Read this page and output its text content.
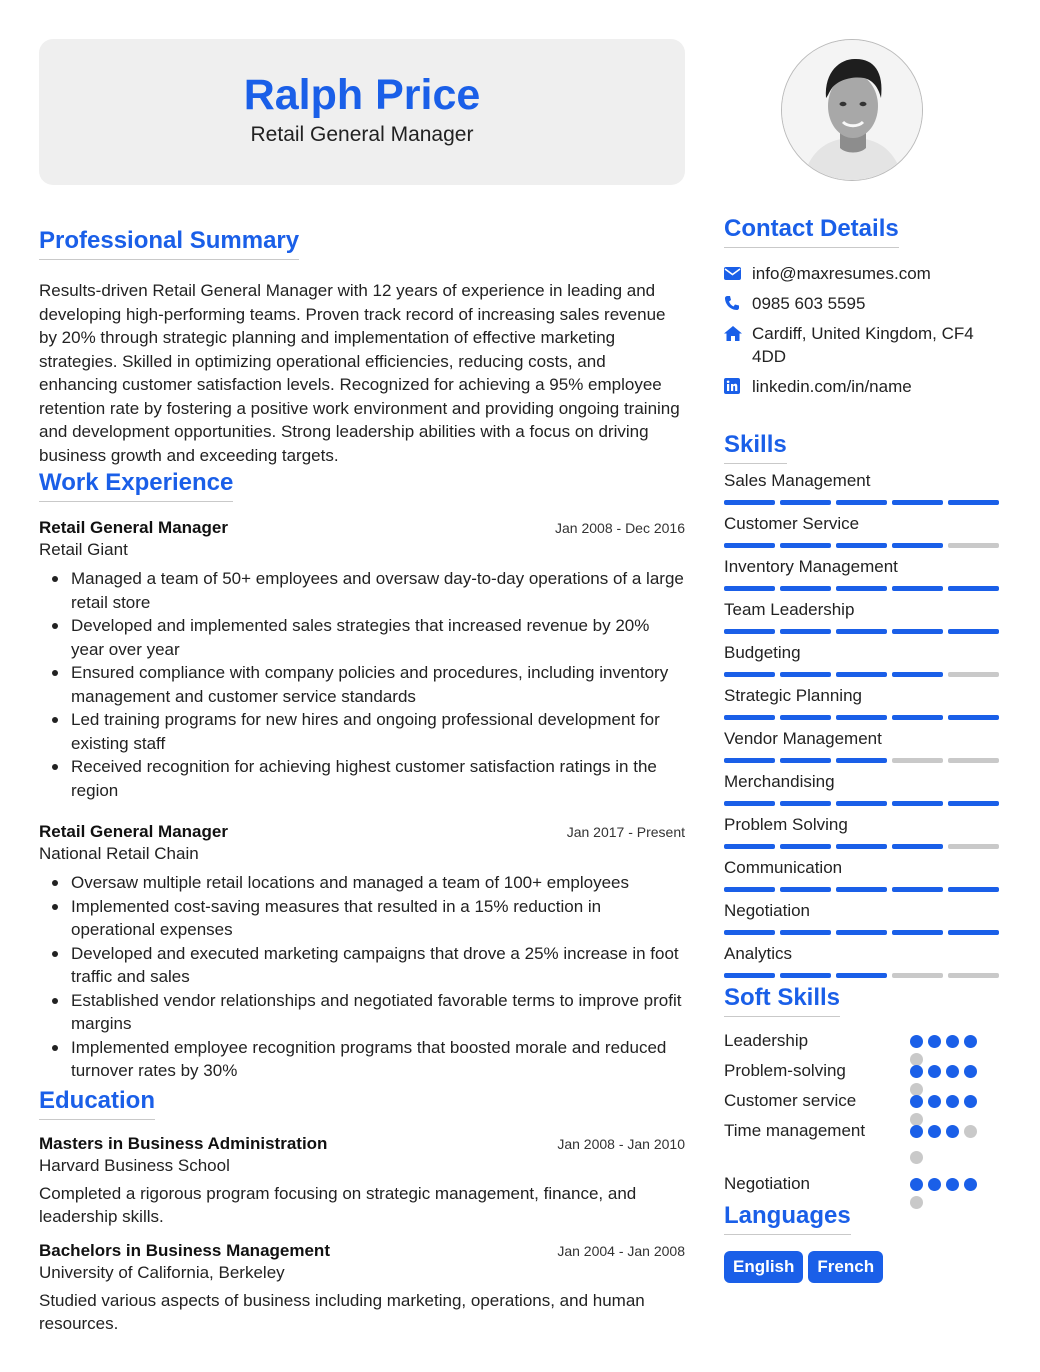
Ralph Price
Retail General Manager
Professional Summary

Results-driven Retail General Manager with 12 years of experience in leading and developing high-performing teams. Proven track record of increasing sales revenue by 20% through strategic planning and implementation of effective marketing strategies. Skilled in optimizing operational efficiencies, reducing costs, and enhancing customer satisfaction levels. Recognized for achieving a 95% employee retention rate by fostering a positive work environment and providing ongoing training and development opportunities. Strong leadership abilities with a focus on driving business growth and exceeding targets.

Work Experience
Retail General Manager	Jan 2008 - Dec 2016
Retail Giant
Managed a team of 50+ employees and oversaw day-to-day operations of a large retail store
Developed and implemented sales strategies that increased revenue by 20% year over year
Ensured compliance with company policies and procedures, including inventory management and customer service standards
Led training programs for new hires and ongoing professional development for existing staff
Received recognition for achieving highest customer satisfaction ratings in the region
Retail General Manager	Jan 2017 - Present
National Retail Chain
Oversaw multiple retail locations and managed a team of 100+ employees
Implemented cost-saving measures that resulted in a 15% reduction in operational expenses
Developed and executed marketing campaigns that drove a 25% increase in foot traffic and sales
Established vendor relationships and negotiated favorable terms to improve profit margins
Implemented employee recognition programs that boosted morale and reduced turnover rates by 30%
Education
Masters in Business Administration	Jan 2008 - Jan 2010
Harvard Business School
Completed a rigorous program focusing on strategic management, finance, and leadership skills.
Bachelors in Business Management	Jan 2004 - Jan 2008
University of California, Berkeley
Studied various aspects of business including marketing, operations, and human resources.
Contact Details
info@maxresumes.com
0985 603 5595
Cardiff, United Kingdom, CF4 4DD
linkedin.com/in/name
Skills
Sales Management
Customer Service
Inventory Management
Team Leadership
Budgeting
Strategic Planning
Vendor Management
Merchandising
Problem Solving
Communication
Negotiation
Analytics
Soft Skills
Leadership
Problem-solving
Customer service
Time management
Negotiation
Languages
English	French
